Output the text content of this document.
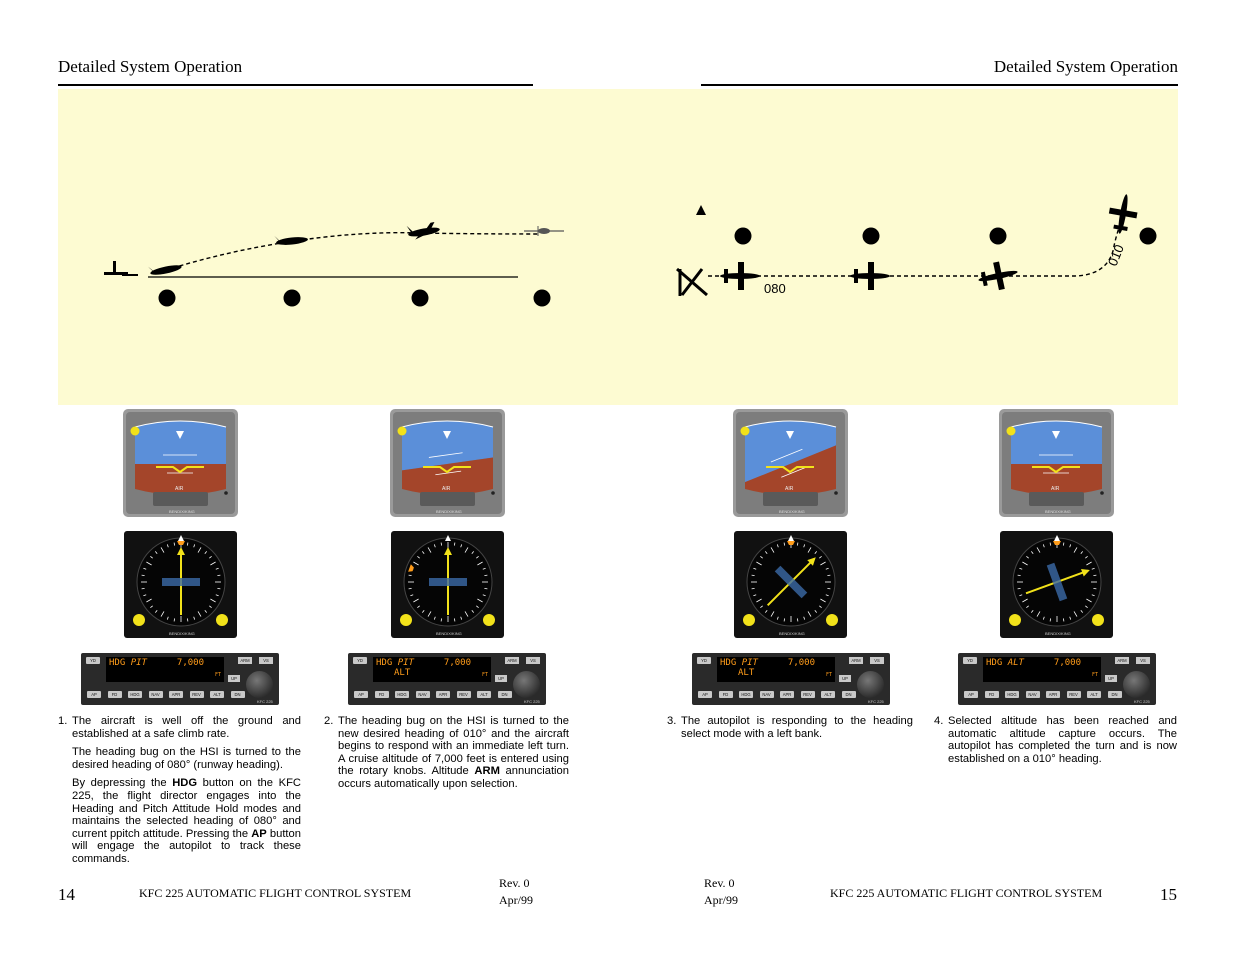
Detailed System Operation	Detailed System Operation
080
010
AIR
BENDIX/KING
BENDIX/KING
YD	HDG PIT	7,000
FT
ARM	VS
UP
KFC 225
AP	FD	HDG	NAV	APR	REV	ALT	DN
AIR
BENDIX/KING
BENDIX/KING
YD	HDG PIT	7,000
ALT	FT
ARM	VS
UP
KFC 225
AP	FD	HDG	NAV	APR	REV	ALT	DN
AIR
BENDIX/KING
BENDIX/KING
YD	HDG PIT	7,000
ALT	FT
ARM	VS
UP
KFC 225
AP	FD	HDG	NAV	APR	REV	ALT	DN
AIR
BENDIX/KING
BENDIX/KING
YD	HDG ALT	7,000
FT
ARM	VS
UP
KFC 225
AP	FD	HDG	NAV	APR	REV	ALT	DN
1. The aircraft is well off the ground and established at a safe climb rate.

The heading bug on the HSI is turned to the desired heading of 080° (runway heading).

By depressing the HDG button on the KFC 225, the flight director engages into the Heading and Pitch Attitude Hold modes and maintains the selected heading of 080° and current ppitch attitude. Pressing the AP button will engage the autopilot to track these commands.

2. The heading bug on the HSI is turned to the new desired heading of 010° and the aircraft begins to respond with an immediate left turn. A cruise altitude of 7,000 feet is entered using the rotary knobs. Altitude ARM annunciation occurs automatically upon selection.

3. The autopilot is responding to the heading select mode with a left bank.

4. Selected altitude has been reached and automatic altitude capture occurs. The autopilot has completed the turn and is now established on a 010° heading.

14	KFC 225 AUTOMATIC FLIGHT CONTROL SYSTEM
Rev. 0
Apr/99
Rev. 0
Apr/99	KFC 225 AUTOMATIC FLIGHT CONTROL SYSTEM	15
